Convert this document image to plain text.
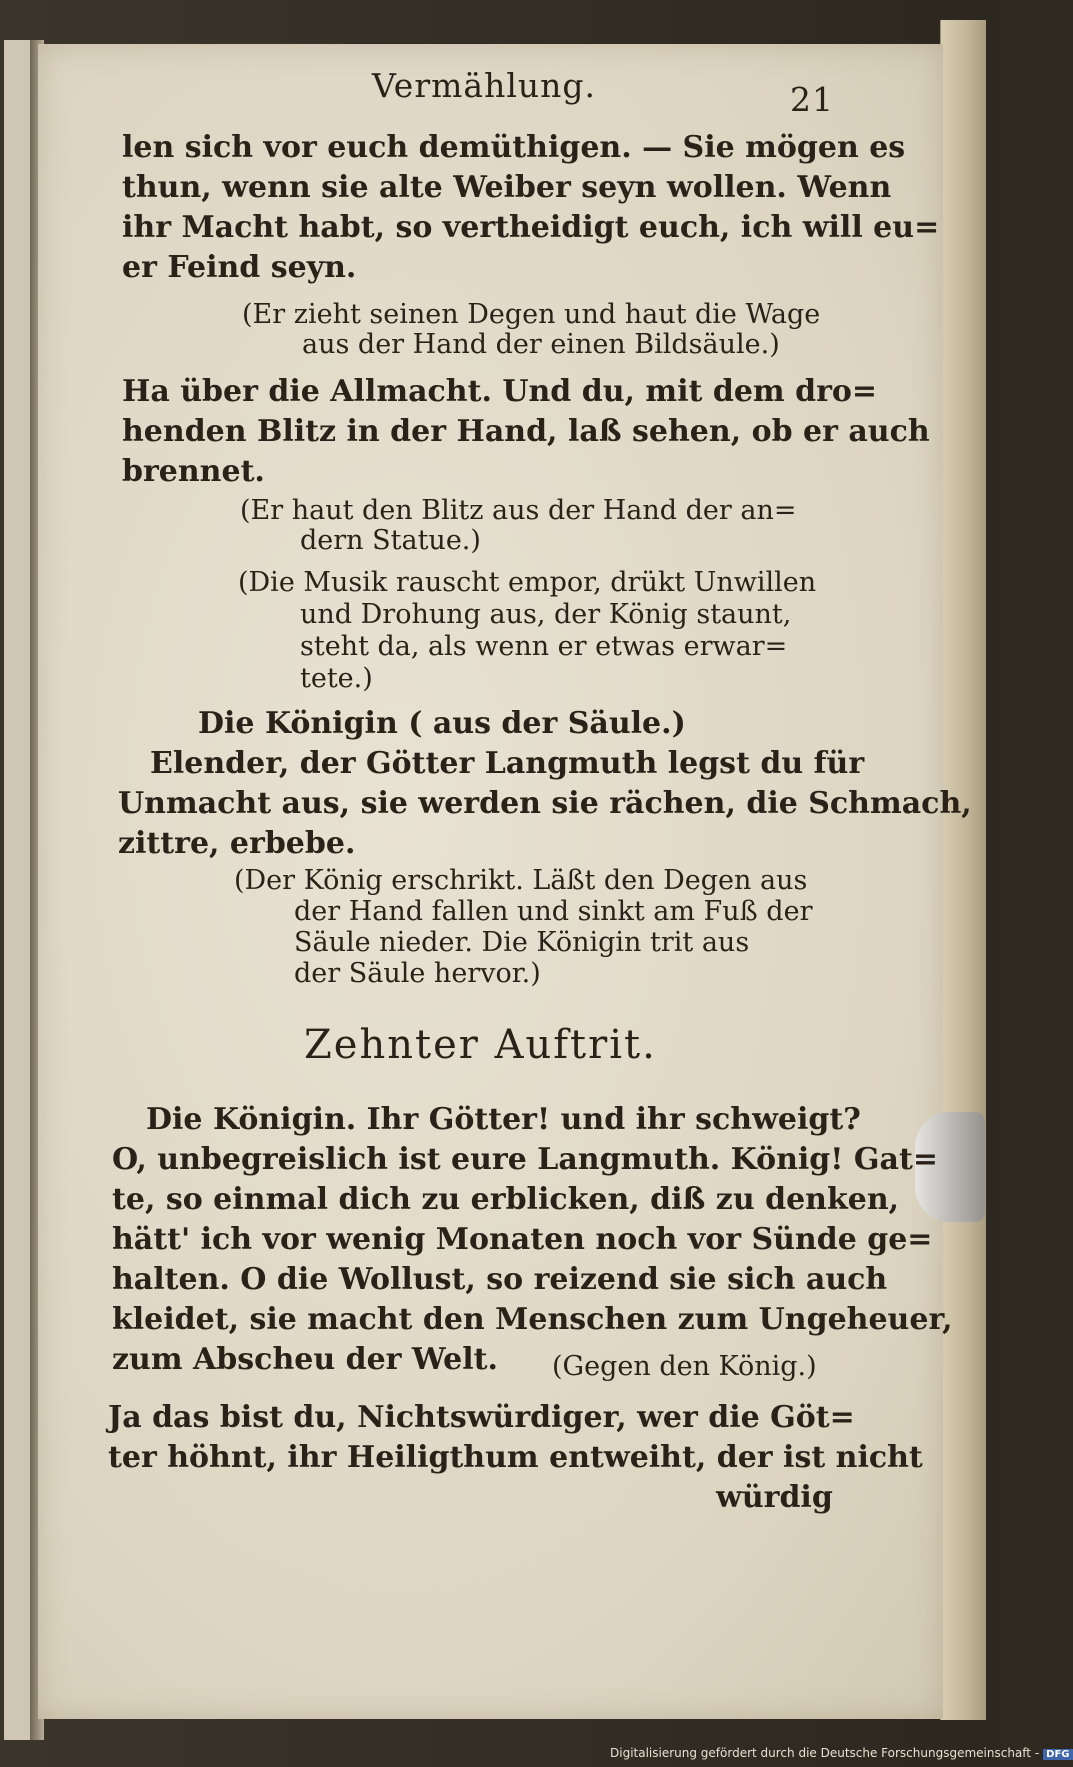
Vermählung.	21
len sich vor euch demüthigen. — Sie mögen es
thun, wenn sie alte Weiber seyn wollen. Wenn
ihr Macht habt, so vertheidigt euch, ich will eu=
er Feind seyn.
(Er zieht seinen Degen und haut die Wage
aus der Hand der einen Bildsäule.)
Ha über die Allmacht. Und du, mit dem dro=
henden Blitz in der Hand, laß sehen, ob er auch
brennet.
(Er haut den Blitz aus der Hand der an=
dern Statue.)
(Die Musik rauscht empor, drükt Unwillen
und Drohung aus, der König staunt,
steht da, als wenn er etwas erwar=
tete.)
Die Königin ( aus der Säule.)
Elender, der Götter Langmuth legst du für
Unmacht aus, sie werden sie rächen, die Schmach,
zittre, erbebe.
(Der König erschrikt. Läßt den Degen aus
der Hand fallen und sinkt am Fuß der
Säule nieder. Die Königin trit aus
der Säule hervor.)
Zehnter Auftrit.
Die Königin. Ihr Götter! und ihr schweigt?
O, unbegreislich ist eure Langmuth. König! Gat=
te, so einmal dich zu erblicken, diß zu denken,
hätt' ich vor wenig Monaten noch vor Sünde ge=
halten. O die Wollust, so reizend sie sich auch
kleidet, sie macht den Menschen zum Ungeheuer,
zum Abscheu der Welt. (Gegen den König.)
Ja das bist du, Nichtswürdiger, wer die Göt=
ter höhnt, ihr Heiligthum entweiht, der ist nicht
würdig
Digitalisierung gefördert durch die Deutsche Forschungsgemeinschaft - DFG
